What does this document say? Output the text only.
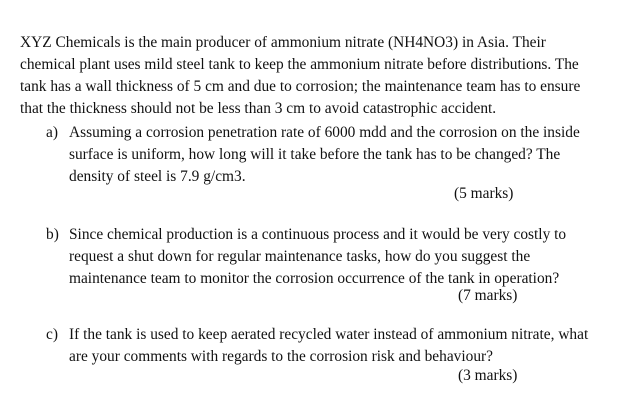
XYZ Chemicals is the main producer of ammonium nitrate (NH4NO3) in Asia. Their
chemical plant uses mild steel tank to keep the ammonium nitrate before distributions. The
tank has a wall thickness of 5 cm and due to corrosion; the maintenance team has to ensure
that the thickness should not be less than 3 cm to avoid catastrophic accident.
a) Assuming a corrosion penetration rate of 6000 mdd and the corrosion on the inside
surface is uniform, how long will it take before the tank has to be changed? The
density of steel is 7.9 g/cm3.
(5 marks)
b) Since chemical production is a continuous process and it would be very costly to
request a shut down for regular maintenance tasks, how do you suggest the
maintenance team to monitor the corrosion occurrence of the tank in operation?
(7 marks)
c) If the tank is used to keep aerated recycled water instead of ammonium nitrate, what
are your comments with regards to the corrosion risk and behaviour?
(3 marks)
